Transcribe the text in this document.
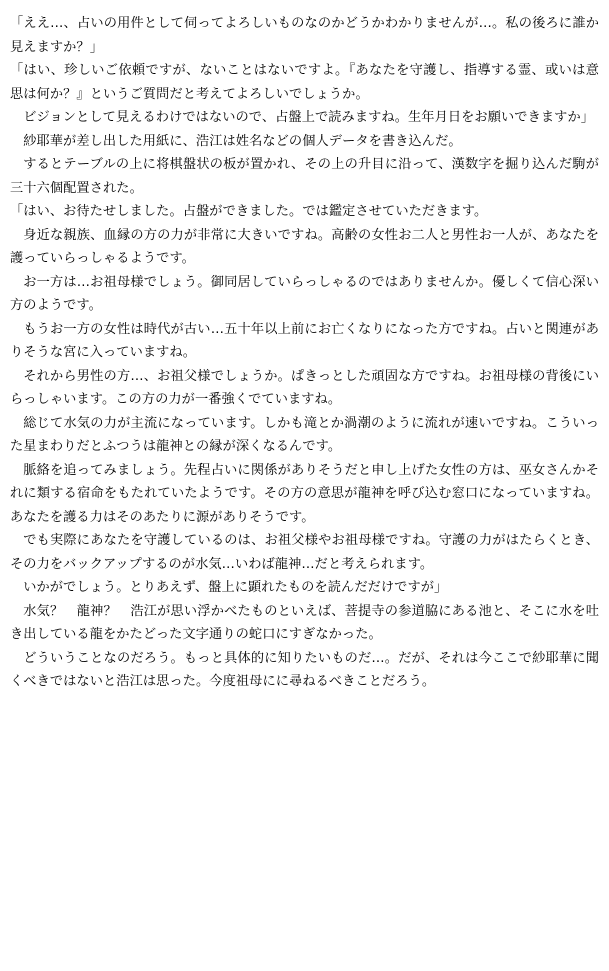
「ええ…、占いの用件として伺ってよろしいものなのかどうかわかりませんが…。私の後ろに誰か見えますか？」

「はい、珍しいご依頼ですが、ないことはないですよ。『あなたを守護し、指導する霊、或いは意思は何か？』というご質問だと考えてよろしいでしょうか。

ビジョンとして見えるわけではないので、占盤上で読みますね。生年月日をお願いできますか」

紗耶華が差し出した用紙に、浩江は姓名などの個人データを書き込んだ。

するとテーブルの上に将棋盤状の板が置かれ、その上の升目に沿って、漢数字を掘り込んだ駒が三十六個配置された。

「はい、お待たせしました。占盤ができました。では鑑定させていただきます。

身近な親族、血縁の方の力が非常に大きいですね。高齢の女性お二人と男性お一人が、あなたを護っていらっしゃるようです。

お一方は…お祖母様でしょう。御同居していらっしゃるのではありませんか。優しくて信心深い方のようです。

もうお一方の女性は時代が古い…五十年以上前にお亡くなりになった方ですね。占いと関連がありそうな宮に入っていますね。

それから男性の方…、お祖父様でしょうか。ぱきっとした頑固な方ですね。お祖母様の背後にいらっしゃいます。この方の力が一番強くでていますね。

総じて水気の力が主流になっています。しかも滝とか渦潮のように流れが速いですね。こういった星まわりだとふつうは龍神との縁が深くなるんです。

脈絡を追ってみましょう。先程占いに関係がありそうだと申し上げた女性の方は、巫女さんかそれに類する宿命をもたれていたようです。その方の意思が龍神を呼び込む窓口になっていますね。あなたを護る力はそのあたりに源がありそうです。

でも実際にあなたを守護しているのは、お祖父様やお祖母様ですね。守護の力がはたらくとき、その力をバックアップするのが水気…いわば龍神…だと考えられます。

いかがでしょう。とりあえず、盤上に顕れたものを読んだだけですが」

水気？　龍神？　浩江が思い浮かべたものといえば、菩提寺の参道脇にある池と、そこに水を吐き出している龍をかたどった文字通りの蛇口にすぎなかった。

どういうことなのだろう。もっと具体的に知りたいものだ…。だが、それは今ここで紗耶華に聞くべきではないと浩江は思った。今度祖母にに尋ねるべきことだろう。
